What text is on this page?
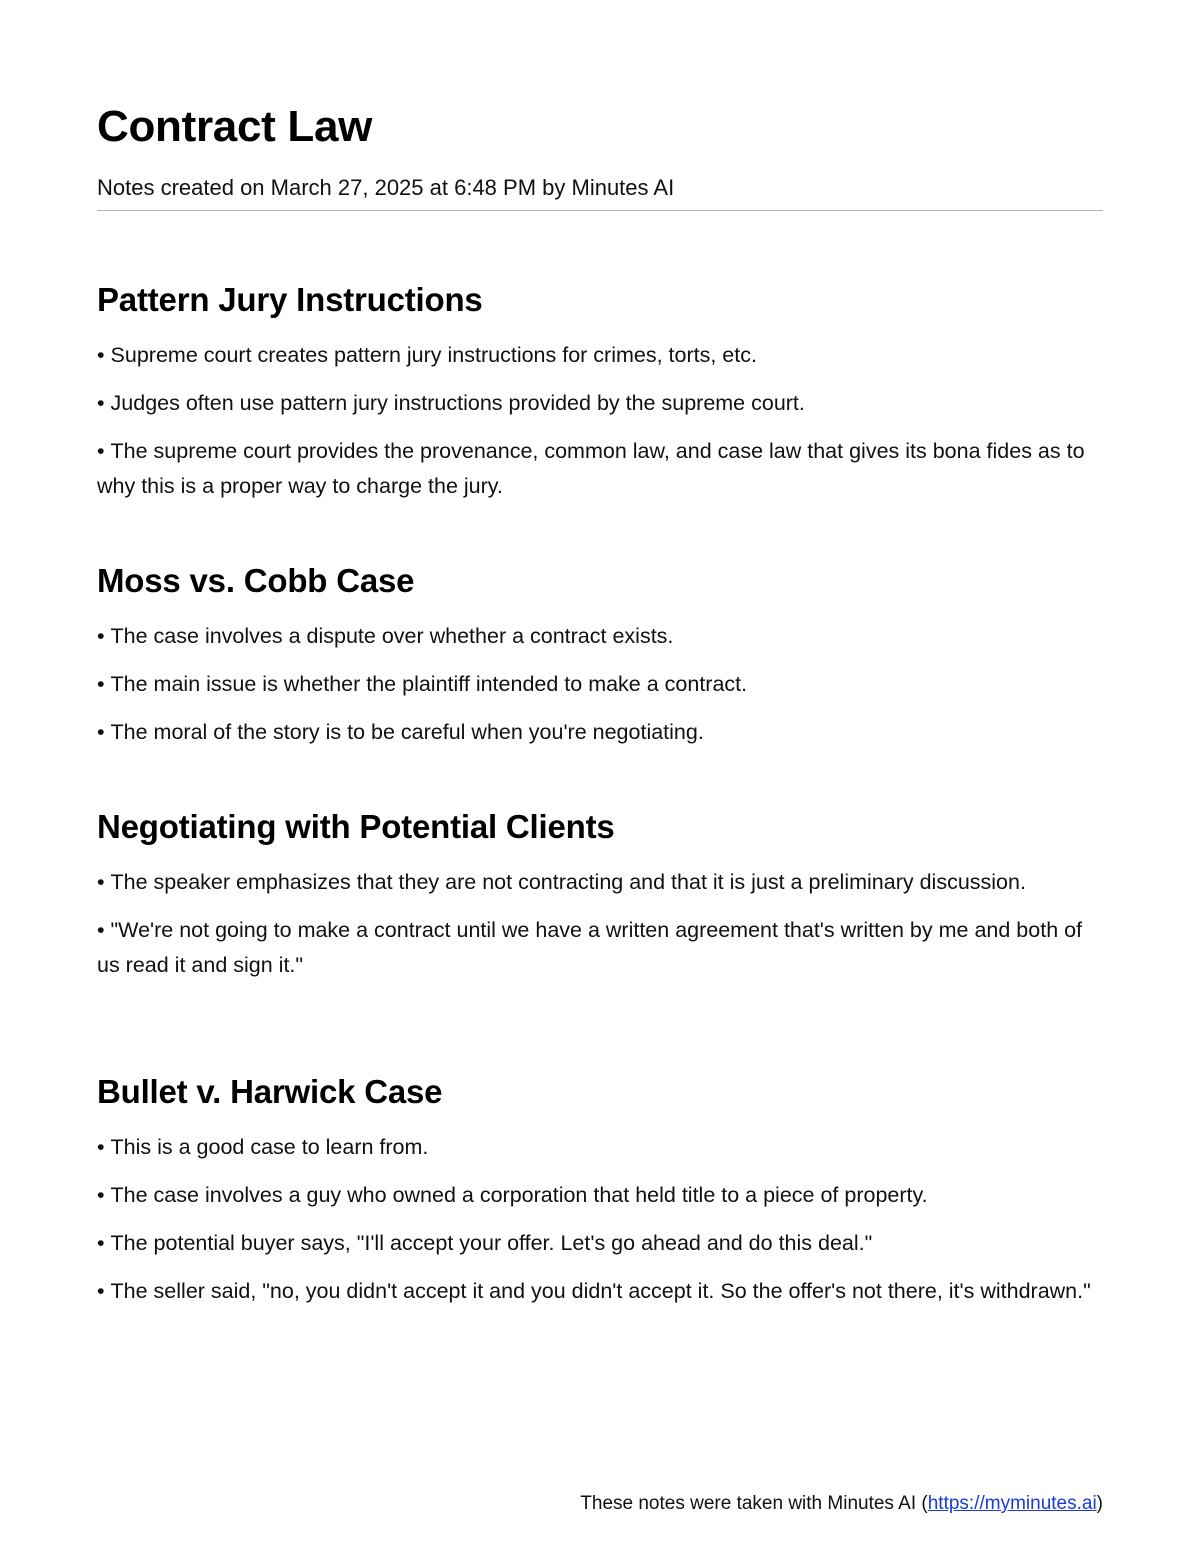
Contract Law

Notes created on March 27, 2025 at 6:48 PM by Minutes AI

Pattern Jury Instructions
• Supreme court creates pattern jury instructions for crimes, torts, etc.
• Judges often use pattern jury instructions provided by the supreme court.
• The supreme court provides the provenance, common law, and case law that gives its bona fides as to why this is a proper way to charge the jury.
Moss vs. Cobb Case
• The case involves a dispute over whether a contract exists.
• The main issue is whether the plaintiff intended to make a contract.
• The moral of the story is to be careful when you're negotiating.
Negotiating with Potential Clients
• The speaker emphasizes that they are not contracting and that it is just a preliminary discussion.
• "We're not going to make a contract until we have a written agreement that's written by me and both of us read it and sign it."
Bullet v. Harwick Case
• This is a good case to learn from.
• The case involves a guy who owned a corporation that held title to a piece of property.
• The potential buyer says, "I'll accept your offer. Let's go ahead and do this deal."
• The seller said, "no, you didn't accept it and you didn't accept it. So the offer's not there, it's withdrawn."
These notes were taken with Minutes AI (https://myminutes.ai)
